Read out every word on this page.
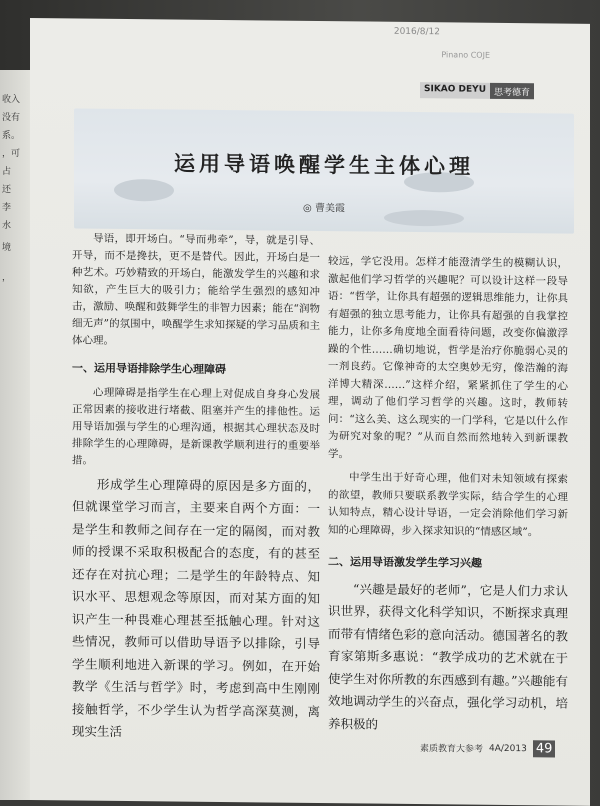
收入
没有
系。
，可
占
还
李
水
境
，
2016/8/12
Pinano COJE
SIKAO DEYU 思考德育
运用导语唤醒学生主体心理
◎ 曹美霞

导语，即开场白。“导而弗牵”，导，就是引导、开导，而不是搀扶，更不是替代。因此，开场白是一种艺术。巧妙精致的开场白，能激发学生的兴趣和求知欲，产生巨大的吸引力；能给学生强烈的感知冲击，激励、唤醒和鼓舞学生的非智力因素；能在“润物细无声”的氛围中，唤醒学生求知探疑的学习品质和主体心理。

一、运用导语排除学生心理障碍

心理障碍是指学生在心理上对促成自身身心发展正常因素的接收进行堵截、阻塞并产生的排他性。运用导语加强与学生的心理沟通，根据其心理状态及时排除学生的心理障碍，是新课教学顺利进行的重要举措。

形成学生心理障碍的原因是多方面的，但就课堂学习而言，主要来自两个方面：一是学生和教师之间存在一定的隔阂，而对教师的授课不采取积极配合的态度，有的甚至还存在对抗心理；二是学生的年龄特点、知识水平、思想观念等原因，而对某方面的知识产生一种畏难心理甚至抵触心理。针对这些情况，教师可以借助导语予以排除，引导学生顺利地进入新课的学习。例如，在开始教学《生活与哲学》时，考虑到高中生刚刚接触哲学，不少学生认为哲学高深莫测，离现实生活

较远，学它没用。怎样才能澄清学生的模糊认识，激起他们学习哲学的兴趣呢？可以设计这样一段导语：“哲学，让你具有超强的逻辑思维能力，让你具有超强的独立思考能力，让你具有超强的自我掌控能力，让你多角度地全面看待问题，改变你偏激浮躁的个性……确切地说，哲学是治疗你脆弱心灵的一剂良药。它像神奇的太空奥妙无穷，像浩瀚的海洋博大精深……”这样介绍，紧紧抓住了学生的心理，调动了他们学习哲学的兴趣。这时，教师转问：“这么美、这么现实的一门学科，它是以什么作为研究对象的呢？”从而自然而然地转入到新课教学。

中学生出于好奇心理，他们对未知领域有探索的欲望，教师只要联系教学实际，结合学生的心理认知特点，精心设计导语，一定会消除他们学习新知的心理障碍，步入探求知识的“情感区域”。

二、运用导语激发学生学习兴趣

“兴趣是最好的老师”，它是人们力求认识世界，获得文化科学知识，不断探求真理而带有情绪色彩的意向活动。德国著名的教育家第斯多惠说：“教学成功的艺术就在于使学生对你所教的东西感到有趣。”兴趣能有效地调动学生的兴奋点，强化学习动机，培养积极的

素质教育大参考 4A/2013 49
